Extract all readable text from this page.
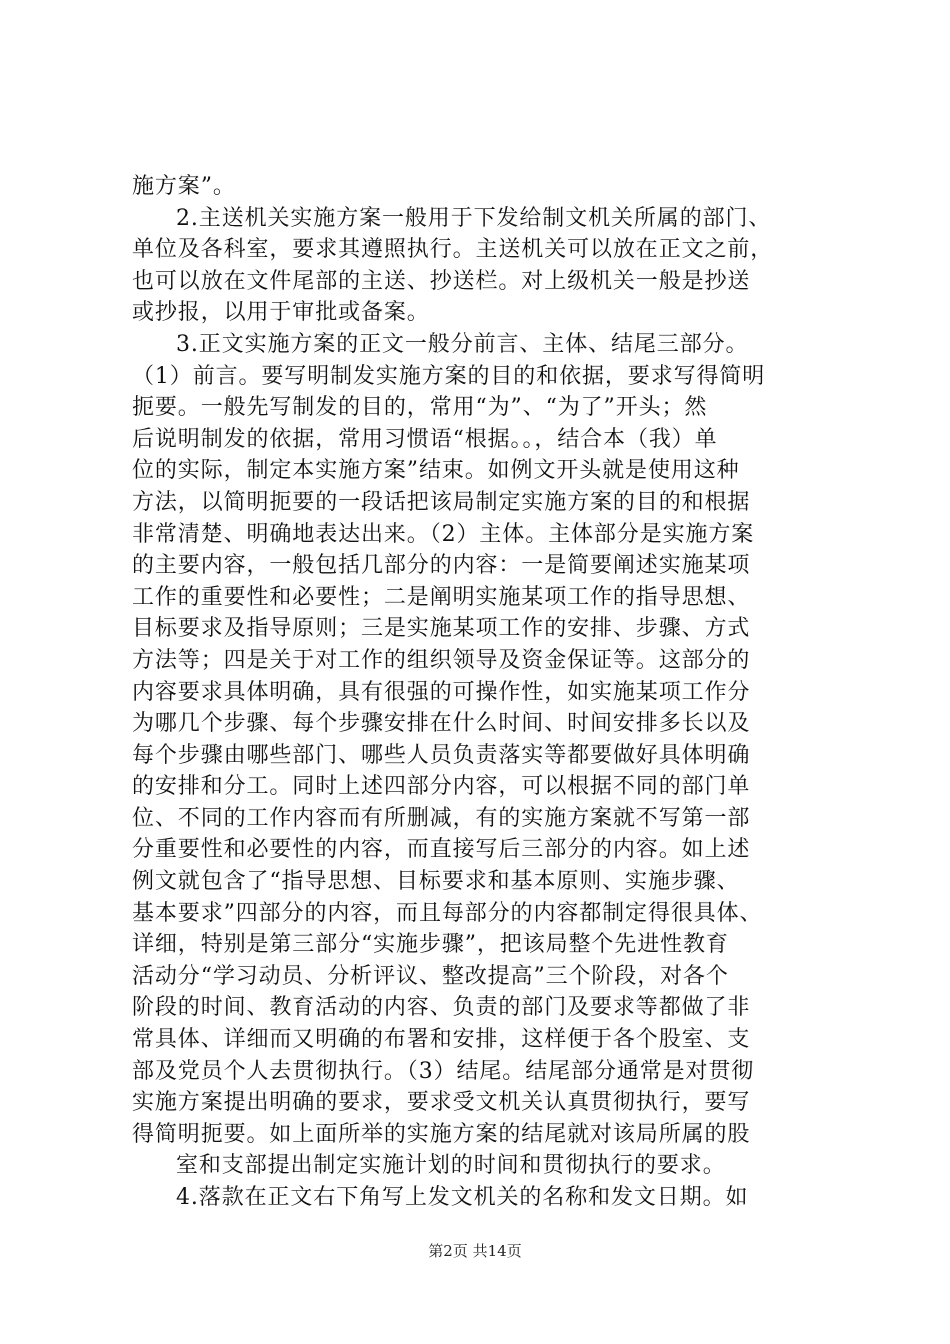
施方案”。
2.主送机关实施方案一般用于下发给制文机关所属的部门、
单位及各科室，要求其遵照执行。主送机关可以放在正文之前，
也可以放在文件尾部的主送、抄送栏。对上级机关一般是抄送
或抄报，以用于审批或备案。
3.正文实施方案的正文一般分前言、主体、结尾三部分。
（1）前言。要写明制发实施方案的目的和依据，要求写得简明
扼要。一般先写制发的目的，常用“为”、“为了”开头；然
后说明制发的依据，常用习惯语“根据。。，结合本（我）单
位的实际，制定本实施方案”结束。如例文开头就是使用这种
方法，以简明扼要的一段话把该局制定实施方案的目的和根据
非常清楚、明确地表达出来。（2）主体。主体部分是实施方案
的主要内容，一般包括几部分的内容：一是简要阐述实施某项
工作的重要性和必要性；二是阐明实施某项工作的指导思想、
目标要求及指导原则；三是实施某项工作的安排、步骤、方式
方法等；四是关于对工作的组织领导及资金保证等。这部分的
内容要求具体明确，具有很强的可操作性，如实施某项工作分
为哪几个步骤、每个步骤安排在什么时间、时间安排多长以及
每个步骤由哪些部门、哪些人员负责落实等都要做好具体明确
的安排和分工。同时上述四部分内容，可以根据不同的部门单
位、不同的工作内容而有所删减，有的实施方案就不写第一部
分重要性和必要性的内容，而直接写后三部分的内容。如上述
例文就包含了“指导思想、目标要求和基本原则、实施步骤、
基本要求”四部分的内容，而且每部分的内容都制定得很具体、
详细，特别是第三部分“实施步骤”，把该局整个先进性教育
活动分“学习动员、分析评议、整改提高”三个阶段，对各个
阶段的时间、教育活动的内容、负责的部门及要求等都做了非
常具体、详细而又明确的布署和安排，这样便于各个股室、支
部及党员个人去贯彻执行。（3）结尾。结尾部分通常是对贯彻
实施方案提出明确的要求，要求受文机关认真贯彻执行，要写
得简明扼要。如上面所举的实施方案的结尾就对该局所属的股
室和支部提出制定实施计划的时间和贯彻执行的要求。
4.落款在正文右下角写上发文机关的名称和发文日期。如
第2页 共14页
